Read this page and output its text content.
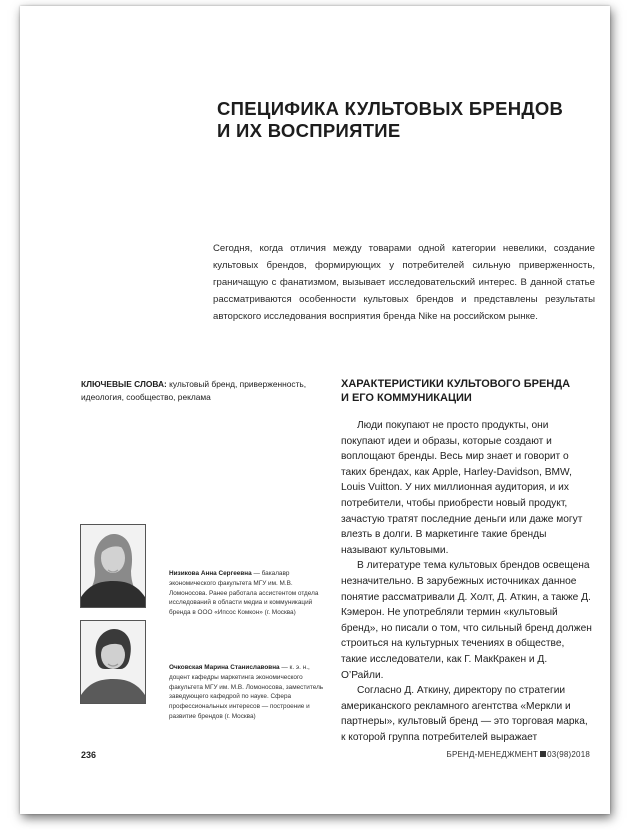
СПЕЦИФИКА КУЛЬТОВЫХ БРЕНДОВ
И ИХ ВОСПРИЯТИЕ

Сегодня, когда отличия между товарами одной категории невелики, создание культовых брендов, формирующих у потребителей сильную приверженность, граничащую с фанатизмом, вызывает исследовательский интерес. В данной статье рассматриваются особенности культовых брендов и представлены результаты авторского исследования восприятия бренда Nike на российском рынке.

КЛЮЧЕВЫЕ СЛОВА: культовый бренд, приверженность, идеология, сообщество, реклама

ХАРАКТЕРИСТИКИ КУЛЬТОВОГО БРЕНДА
И ЕГО КОММУНИКАЦИИ

Люди покупают не просто продукты, они покупают идеи и образы, которые создают и воплощают бренды. Весь мир знает и говорит о таких брендах, как Apple, Harley-Davidson, BMW, Louis Vuitton. У них миллионная аудитория, и их потребители, чтобы приобрести новый продукт, зачастую тратят последние деньги или даже могут влезть в долги. В маркетинге такие бренды называют культовыми.

В литературе тема культовых брендов освещена незначительно. В зарубежных источниках данное понятие рассматривали Д. Холт, Д. Аткин, а также Д. Кэмерон. Не употребляли термин «культовый бренд», но писали о том, что сильный бренд должен строиться на культурных течениях в обществе, такие исследователи, как Г. МакКракен и Д. О’Райли.

Согласно Д. Аткину, директору по стратегии американского рекламного агентства «Меркли и партнеры», культовый бренд — это торговая марка, к которой группа потребителей выражает

Низикова Анна Сергеевна — бакалавр экономического факультета МГУ им. М.В. Ломоносова. Ранее работала ассистентом отдела исследований в области медиа и коммуникаций бренда в ООО «Ипсос Комкон» (г. Москва)
Очковская Марина Станиславовна — к. э. н., доцент кафедры маркетинга экономического факультета МГУ им. М.В. Ломоносова, заместитель заведующего кафедрой по науке. Сфера профессиональных интересов — построение и развитие брендов (г. Москва)
236	БРЕНД-МЕНЕДЖМЕНТ 03(98)2018
